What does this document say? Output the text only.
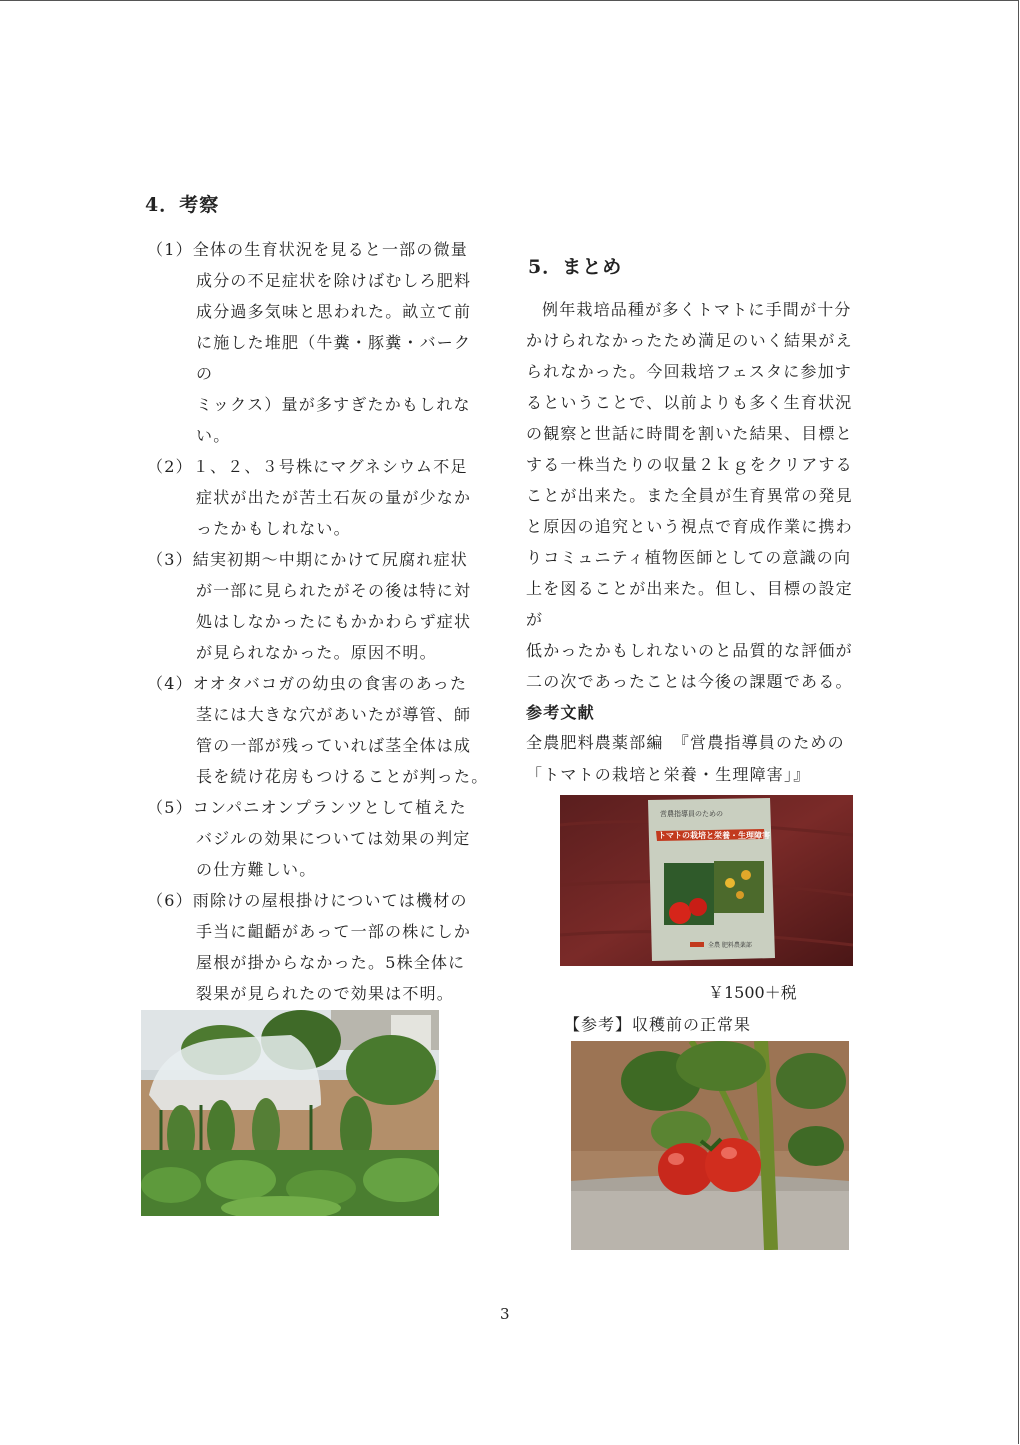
4．考察
（1）全体の生育状況を見ると一部の微量
成分の不足症状を除けばむしろ肥料
成分過多気味と思われた。畝立て前
に施した堆肥（牛糞・豚糞・バーク
の
ミックス）量が多すぎたかもしれな
い。
（2）１、２、３号株にマグネシウム不足
症状が出たが苦土石灰の量が少なか
ったかもしれない。
（3）結実初期～中期にかけて尻腐れ症状
が一部に見られたがその後は特に対
処はしなかったにもかかわらず症状
が見られなかった。原因不明。
（4）オオタバコガの幼虫の食害のあった
茎には大きな穴があいたが導管、師
管の一部が残っていれば茎全体は成
長を続け花房もつけることが判った。
（5）コンパニオンプランツとして植えた
バジルの効果については効果の判定
の仕方難しい。
（6）雨除けの屋根掛けについては機材の
手当に齟齬があって一部の株にしか
屋根が掛からなかった。5株全体に
裂果が見られたので効果は不明。
5．まとめ
例年栽培品種が多くトマトに手間が十分
かけられなかったため満足のいく結果がえ
られなかった。今回栽培フェスタに参加す
るということで、以前よりも多く生育状況
の観察と世話に時間を割いた結果、目標と
する一株当たりの収量２ｋｇをクリアする
ことが出来た。また全員が生育異常の発見
と原因の追究という視点で育成作業に携わ
りコミュニティ植物医師としての意識の向
上を図ることが出来た。但し、目標の設定
が
低かったかもしれないのと品質的な評価が
二の次であったことは今後の課題である。
参考文献
全農肥料農薬部編　『営農指導員のための
「トマトの栽培と栄養・生理障害」』
営農指導員のための
トマトの栽培と栄養・生理障害
全農 肥料農薬部
￥1500＋税
【参考】収穫前の正常果
3
